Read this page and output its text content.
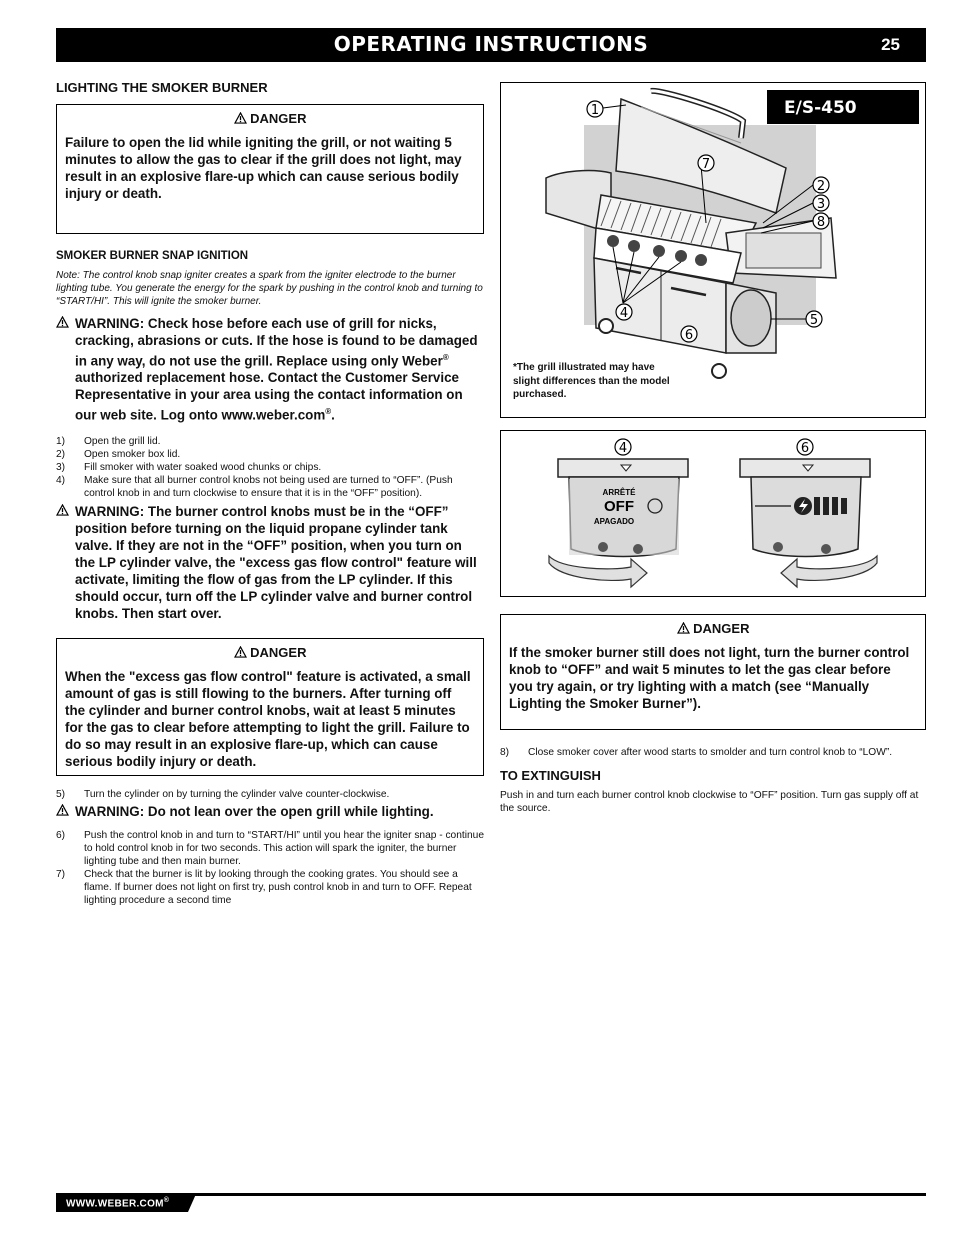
OPERATING INSTRUCTIONS	25

LIGHTING THE SMOKER BURNER

DANGER

Failure to open the lid while igniting the grill, or not waiting 5 minutes to allow the gas to clear if the grill does not light, may result in an explosive flare-up which can cause serious bodily injury or death.

SMOKER BURNER SNAP IGNITION

Note: The control knob snap igniter creates a spark from the igniter electrode to the burner lighting tube. You generate the energy for the spark by pushing in the control knob and turning to “START/HI”. This will ignite the smoker burner.

WARNING: Check hose before each use of grill for nicks, cracking, abrasions or cuts. If the hose is found to be damaged in any way, do not use the grill. Replace using only Weber® authorized replacement hose. Contact the Customer Service Representative in your area using the contact information on our web site. Log onto www.weber.com®.

1) Open the grill lid.
2) Open smoker box lid.
3) Fill smoker with water soaked wood chunks or chips.
4) Make sure that all burner control knobs not being used are turned to “OFF”. (Push control knob in and turn clockwise to ensure that it is in the “OFF” position).

WARNING: The burner control knobs must be in the “OFF” position before turning on the liquid propane cylinder tank valve. If they are not in the “OFF” position, when you turn on the LP cylinder valve, the "excess gas flow control" feature will activate, limiting the flow of gas from the LP cylinder. If this should occur, turn off the LP cylinder valve and burner control knobs. Then start over.

DANGER

When the "excess gas flow control" feature is activated, a small amount of gas is still flowing to the burners. After turning off the cylinder and burner control knobs, wait at least 5 minutes for the gas to clear before attempting to light the grill. Failure to do so may result in an explosive flare-up, which can cause serious bodily injury or death.

5) Turn the cylinder on by turning the cylinder valve counter-clockwise.

WARNING: Do not lean over the open grill while lighting.

6) Push the control knob in and turn to “START/HI” until you hear the igniter snap - continue to hold control knob in for two seconds. This action will spark the igniter, the burner lighting tube and then main burner.
7) Check that the burner is lit by looking through the cooking grates. You should see a flame. If burner does not light on first try, push control knob in and turn to OFF. Repeat lighting procedure a second time
E/S-450
1
2
3
8
7
4
6
5
*The grill illustrated may have slight differences than the model purchased.
ARRÊTÉ
OFF
APAGADO
4	6
DANGER

If the smoker burner still does not light, turn the burner control knob to “OFF” and wait 5 minutes to let the gas clear before you try again, or try lighting with a match (see “Manually Lighting the Smoker Burner”).

8) Close smoker cover after wood starts to smolder and turn control knob to “LOW”.

TO EXTINGUISH

Push in and turn each burner control knob clockwise to “OFF” position. Turn gas supply off at the source.

WWW.WEBER.COM®
